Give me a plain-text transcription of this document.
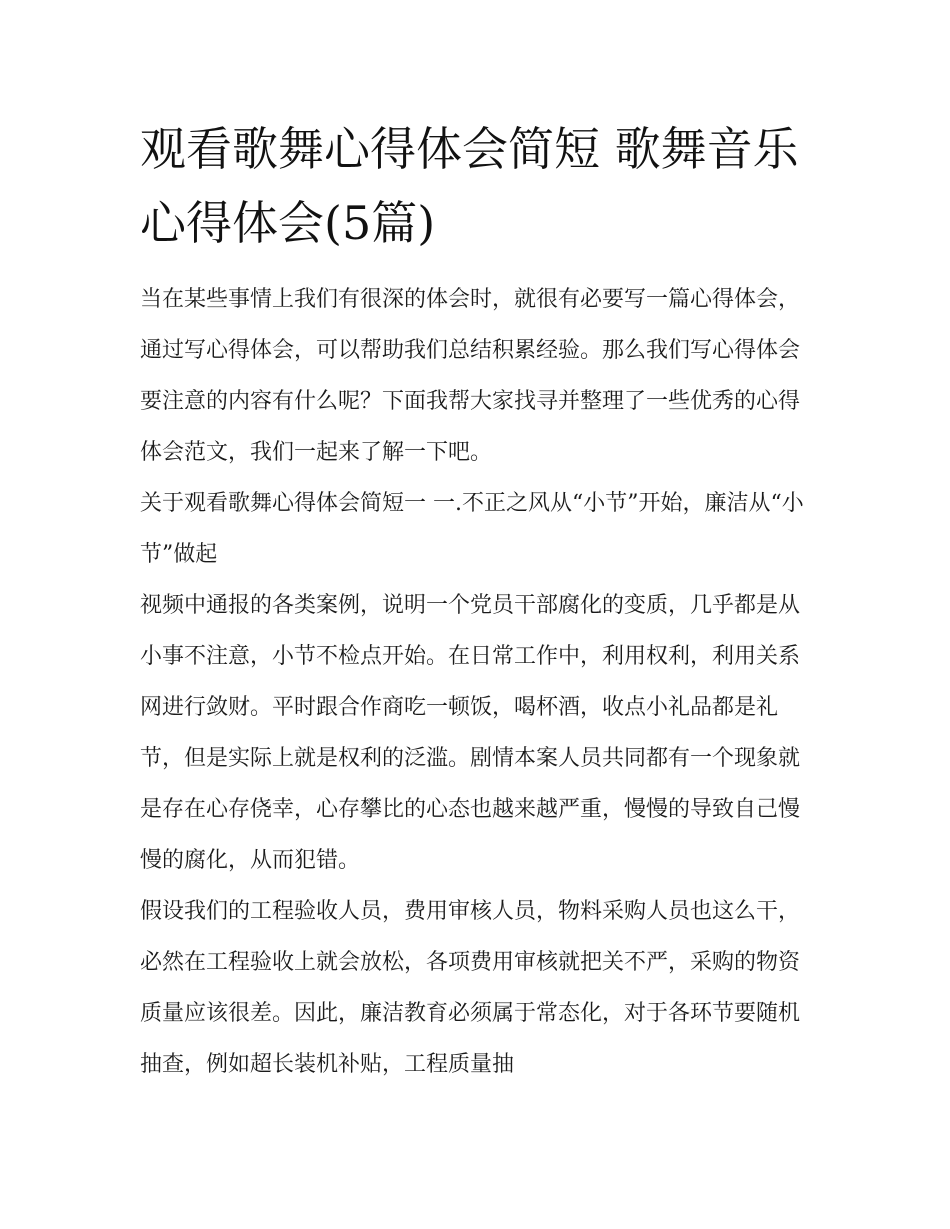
观看歌舞心得体会简短 歌舞音乐心得体会(5篇)

当在某些事情上我们有很深的体会时，就很有必要写一篇心得体会，通过写心得体会，可以帮助我们总结积累经验。那么我们写心得体会要注意的内容有什么呢？下面我帮大家找寻并整理了一些优秀的心得体会范文，我们一起来了解一下吧。

关于观看歌舞心得体会简短一 一.不正之风从“小节”开始，廉洁从“小节”做起

视频中通报的各类案例，说明一个党员干部腐化的变质，几乎都是从小事不注意，小节不检点开始。在日常工作中，利用权利，利用关系网进行敛财。平时跟合作商吃一顿饭，喝杯酒，收点小礼品都是礼节，但是实际上就是权利的泛滥。剧情本案人员共同都有一个现象就是存在心存侥幸，心存攀比的心态也越来越严重，慢慢的导致自己慢慢的腐化，从而犯错。

假设我们的工程验收人员，费用审核人员，物料采购人员也这么干，必然在工程验收上就会放松，各项费用审核就把关不严，采购的物资质量应该很差。因此，廉洁教育必须属于常态化，对于各环节要随机抽查，例如超长装机补贴，工程质量抽
